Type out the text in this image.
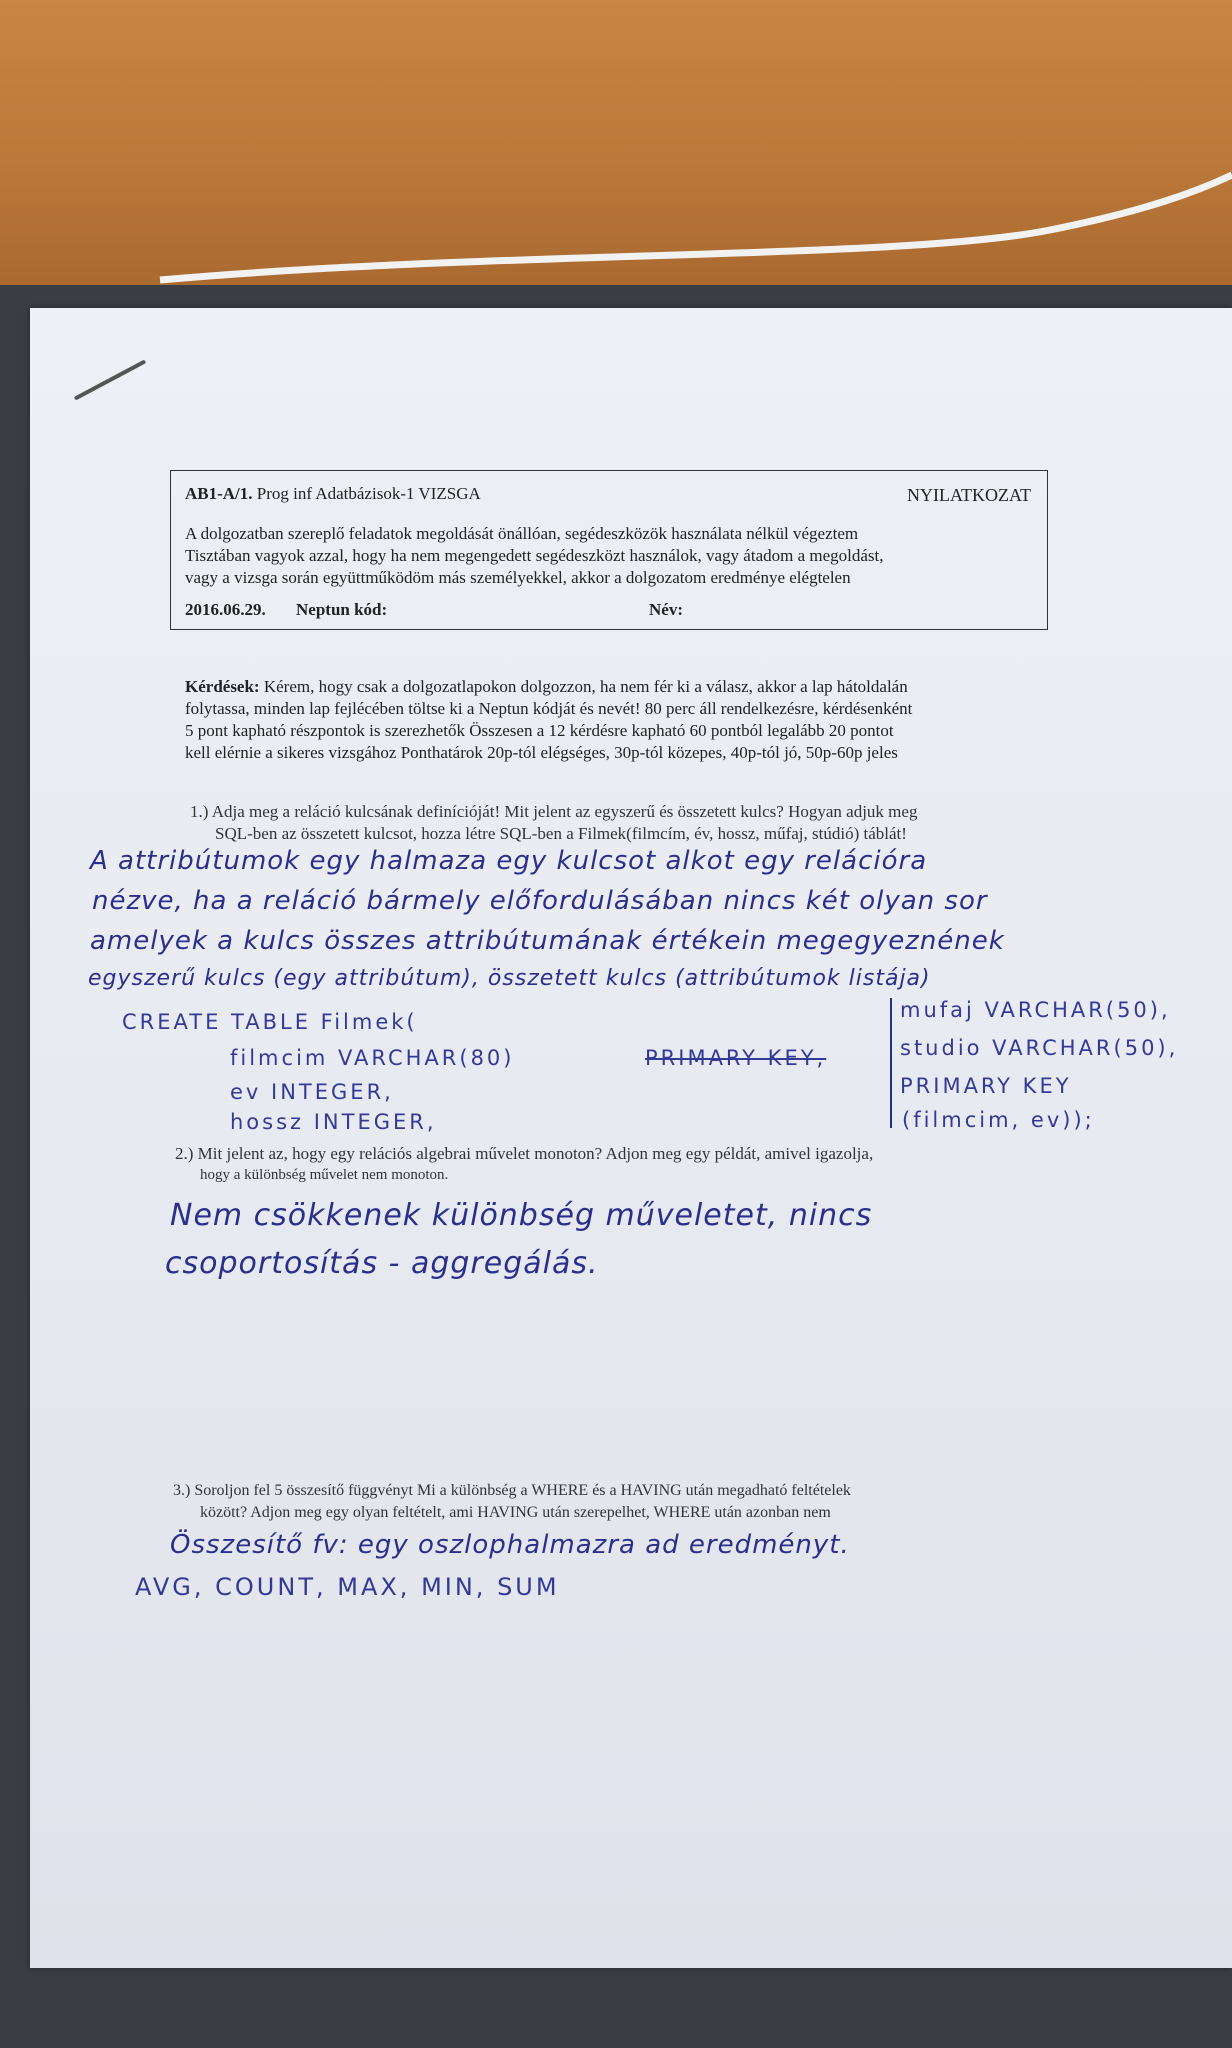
AB1-A/1. Prog inf Adatbázisok-1 VIZSGA	NYILATKOZAT
A dolgozatban szereplő feladatok megoldását önállóan, segédeszközök használata nélkül végeztem
Tisztában vagyok azzal, hogy ha nem megengedett segédeszközt használok, vagy átadom a megoldást,
vagy a vizsga során együttműködöm más személyekkel, akkor a dolgozatom eredménye elégtelen
2016.06.29. Neptun kód:	Név:
Kérdések: Kérem, hogy csak a dolgozatlapokon dolgozzon, ha nem fér ki a válasz, akkor a lap hátoldalán
folytassa, minden lap fejlécében töltse ki a Neptun kódját és nevét! 80 perc áll rendelkezésre, kérdésenként
5 pont kapható részpontok is szerezhetők Összesen a 12 kérdésre kapható 60 pontból legalább 20 pontot
kell elérnie a sikeres vizsgához Ponthatárok 20p-tól elégséges, 30p-tól közepes, 40p-tól jó, 50p-60p jeles
1.) Adja meg a reláció kulcsának definícióját! Mit jelent az egyszerű és összetett kulcs? Hogyan adjuk meg
SQL-ben az összetett kulcsot, hozza létre SQL-ben a Filmek(filmcím, év, hossz, műfaj, stúdió) táblát!
A attribútumok egy halmaza egy kulcsot alkot egy relációra
nézve, ha a reláció bármely előfordulásában nincs két olyan sor
amelyek a kulcs összes attribútumának értékein megegyeznének
egyszerű kulcs (egy attribútum), összetett kulcs (attribútumok listája)
CREATE TABLE Filmek(
filmcim VARCHAR(80)	PRIMARY KEY,
ev INTEGER,
hossz INTEGER,
mufaj VARCHAR(50),
studio VARCHAR(50),
PRIMARY KEY
(filmcim, ev));
2.) Mit jelent az, hogy egy relációs algebrai művelet monoton? Adjon meg egy példát, amivel igazolja,
hogy a különbség művelet nem monoton.
Nem csökkenek különbség műveletet, nincs
csoportosítás - aggregálás.
3.) Soroljon fel 5 összesítő függvényt Mi a különbség a WHERE és a HAVING után megadható feltételek
között? Adjon meg egy olyan feltételt, ami HAVING után szerepelhet, WHERE után azonban nem
Összesítő fv: egy oszlophalmazra ad eredményt.
AVG, COUNT, MAX, MIN, SUM
